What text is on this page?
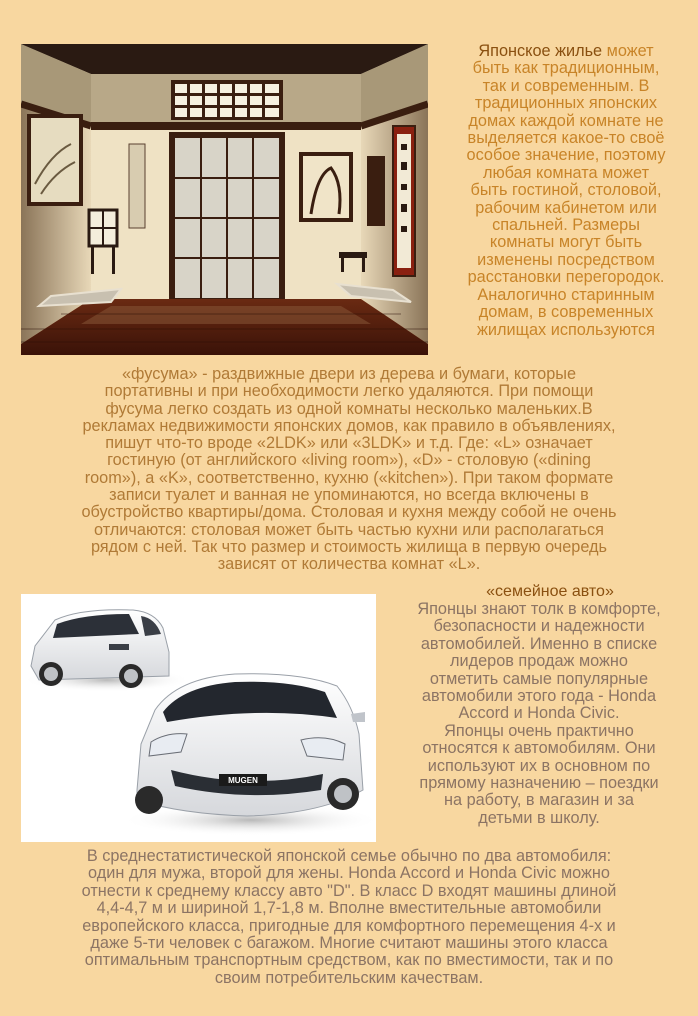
Японское жилье может
быть как традиционным,
так и современным. В
традиционных японских
домах каждой комнате не
выделяется какое-то своё
особое значение, поэтому
любая комната может
быть гостиной, столовой,
рабочим кабинетом или
спальней. Размеры
комнаты могут быть
изменены посредством
расстановки перегородок.
Аналогично старинным
домам, в современных
жилищах используются
«фусума» - раздвижные двери из дерева и бумаги, которые
портативны и при необходимости легко удаляются. При помощи
фусума легко создать из одной комнаты несколько маленьких.В
рекламах недвижимости японских домов, как правило в объявлениях,
пишут что-то вроде «2LDK» или «3LDK» и т.д. Где: «L» означает
гостиную (от английского «living room»), «D» - столовую («dining
room»), а «K», соответственно, кухню («kitchen»). При таком формате
записи туалет и ванная не упоминаются, но всегда включены в
обустройство квартиры/дома. Столовая и кухня между собой не очень
отличаются: столовая может быть частью кухни или располагаться
рядом с ней. Так что размер и стоимость жилища в первую очередь
зависят от количества комнат «L».
«семейное авто»
MUGEN
Японцы знают толк в комфорте,
безопасности и надежности
автомобилей. Именно в списке
лидеров продаж можно
отметить самые популярные
автомобили этого года - Honda
Accord и Honda Civic.
Японцы очень практично
относятся к автомобилям. Они
используют их в основном по
прямому назначению – поездки
на работу, в магазин и за
детьми в школу.
В среднестатистической японской семье обычно по два автомобиля:
один для мужа, второй для жены. Honda Accord и Honda Civic можно
отнести к среднему классу авто "D". В класс D входят машины длиной
4,4-4,7 м и шириной 1,7-1,8 м. Вполне вместительные автомобили
европейского класса, пригодные для комфортного перемещения 4-х и
даже 5-ти человек с багажом. Многие считают машины этого класса
оптимальным транспортным средством, как по вместимости, так и по
своим потребительским качествам.
